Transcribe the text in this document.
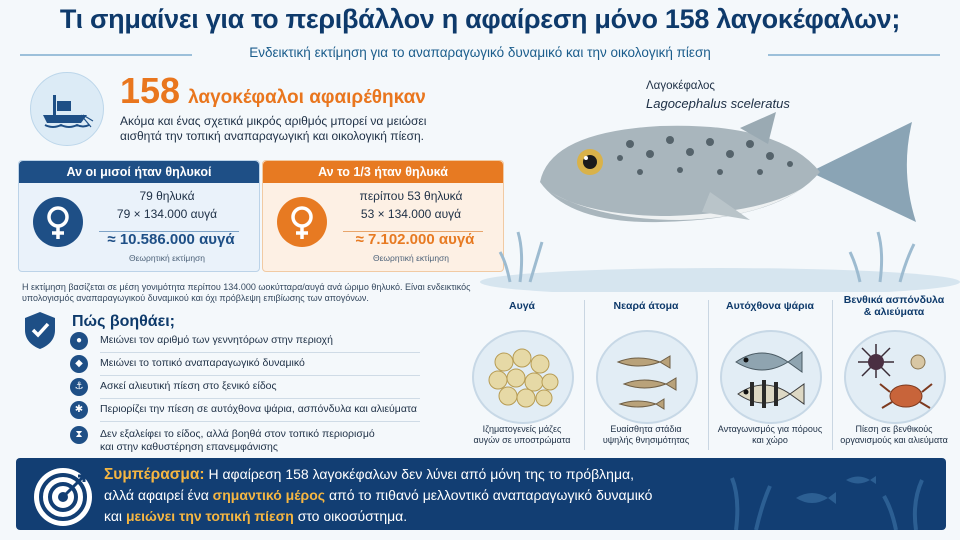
Τι σημαίνει για το περιβάλλον η αφαίρεση μόνο 158 λαγοκέφαλων;
Ενδεικτική εκτίμηση για το αναπαραγωγικό δυναμικό και την οικολογική πίεση
158 λαγοκέφαλοι αφαιρέθηκαν
Ακόμα και ένας σχετικά μικρός αριθμός μπορεί να μειώσει αισθητά την τοπική αναπαραγωγική και οικολογική πίεση.
Αν οι μισοί ήταν θηλυκοί
79 θηλυκά
79 × 134.000 αυγά
≈ 10.586.000 αυγά
Θεωρητική εκτίμηση
Αν το 1/3 ήταν θηλυκά
περίπου 53 θηλυκά
53 × 134.000 αυγά
≈ 7.102.000 αυγά
Θεωρητική εκτίμηση
Η εκτίμηση βασίζεται σε μέση γονιμότητα περίπου 134.000 ωοκύτταρα/αυγά ανά ώριμο θηλυκό. Είναι ενδεικτικός υπολογισμός αναπαραγωγικού δυναμικού και όχι πρόβλεψη επιβίωσης των απογόνων.
Πώς βοηθάει;
●	Μειώνει τον αριθμό των γεννητόρων στην περιοχή
◆	Μειώνει το τοπικό αναπαραγωγικό δυναμικό
⚓	Ασκεί αλιευτική πίεση στο ξενικό είδος
✱	Περιορίζει την πίεση σε αυτόχθονα ψάρια, ασπόνδυλα και αλιεύματα
⧗	Δεν εξαλείφει το είδος, αλλά βοηθά στον τοπικό περιορισμό
και στην καθυστέρηση επανεμφάνισης
Λαγοκέφαλος
Lagocephalus sceleratus
Αυγά
Ιζηματογενείς μάζες
αυγών σε υποστρώματα
Νεαρά άτομα
Ευαίσθητα στάδια
υψηλής θνησιμότητας
Αυτόχθονα ψάρια
Ανταγωνισμός για πόρους
και χώρο
Βενθικά ασπόνδυλα
& αλιεύματα
Πίεση σε βενθικούς
οργανισμούς και αλιεύματα
Συμπέρασμα: Η αφαίρεση 158 λαγοκέφαλων δεν λύνει από μόνη της το πρόβλημα,
αλλά αφαιρεί ένα σημαντικό μέρος από το πιθανό μελλοντικό αναπαραγωγικό δυναμικό
και μειώνει την τοπική πίεση στο οικοσύστημα.
